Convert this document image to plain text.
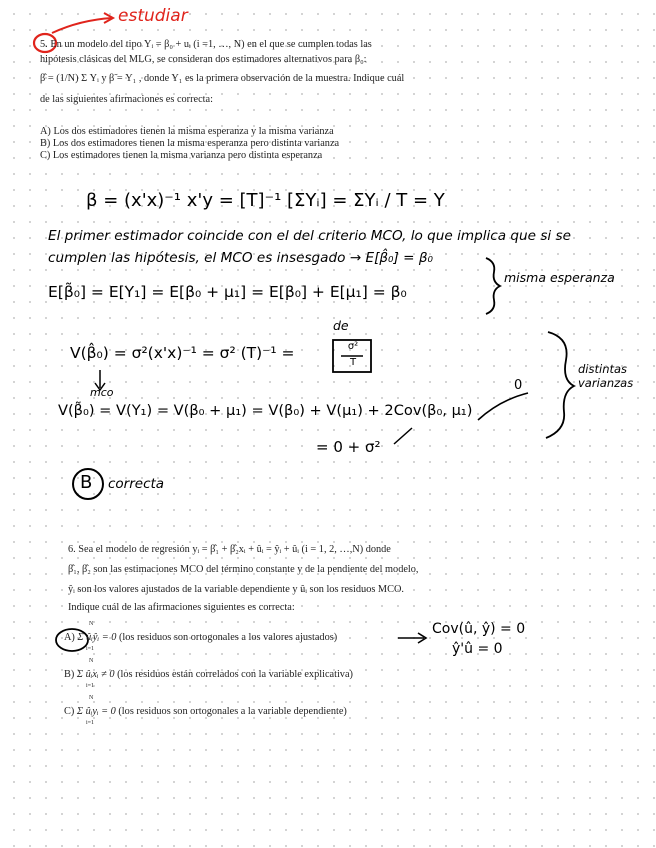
estudiar
5. En un modelo del tipo Yᵢ = β₀ + uᵢ (i =1, …, N) en el que se cumplen todas las
hipótesis clásicas del MLG, se consideran dos estimadores alternativos para β₀:
β̂ = (1/N) Σ Yᵢ y β̃ = Y₁ , donde Y₁ es la primera observación de la muestra. Indique cuál
de las siguientes afirmaciones es correcta:
A) Los dos estimadores tienen la misma esperanza y la misma varianza
B) Los dos estimadores tienen la misma esperanza pero distinta varianza
C) Los estimadores tienen la misma varianza pero distinta esperanza
β = (x'x)⁻¹ x'y = [T]⁻¹ [ΣYᵢ] = ΣYᵢ / T = Y
El primer estimador coincide con el del criterio MCO, lo que implica que si se
cumplen las hipótesis, el MCO es insesgado → E[β̂₀] = β₀
E[β̃₀] = E[Y₁] = E[β₀ + μ₁] = E[β₀] + E[μ₁] = β₀
misma esperanza
de
V(β̂₀) = σ²(x'x)⁻¹ = σ² (T)⁻¹ =	σ²
T
mco
distintas
varianzas
0
V(β̃₀) = V(Y₁) = V(β₀ + μ₁) = V(β₀) + V(μ₁) + 2Cov(β₀, μ₁)
= 0 + σ²
B correcta
6. Sea el modelo de regresión yᵢ = β̂₁ + β̂₂xᵢ + ûᵢ = ŷᵢ + ûᵢ (i = 1, 2, …,N) donde
β̂₁, β̂₂ son las estimaciones MCO del término constante y de la pendiente del modelo,
ŷᵢ son los valores ajustados de la variable dependiente y ûᵢ son los residuos MCO.
Indique cuál de las afirmaciones siguientes es correcta:
A) Σ ûᵢŷᵢ = 0 (los residuos son ortogonales a los valores ajustados)
B) Σ ûᵢxᵢ ≠ 0 (los residuos están correlados con la variable explicativa)
C) Σ ûᵢyᵢ = 0 (los residuos son ortogonales a la variable dependiente)
N
i=1
N
i=1
N
i=1
Cov(û, ŷ) = 0
ŷ'û = 0
